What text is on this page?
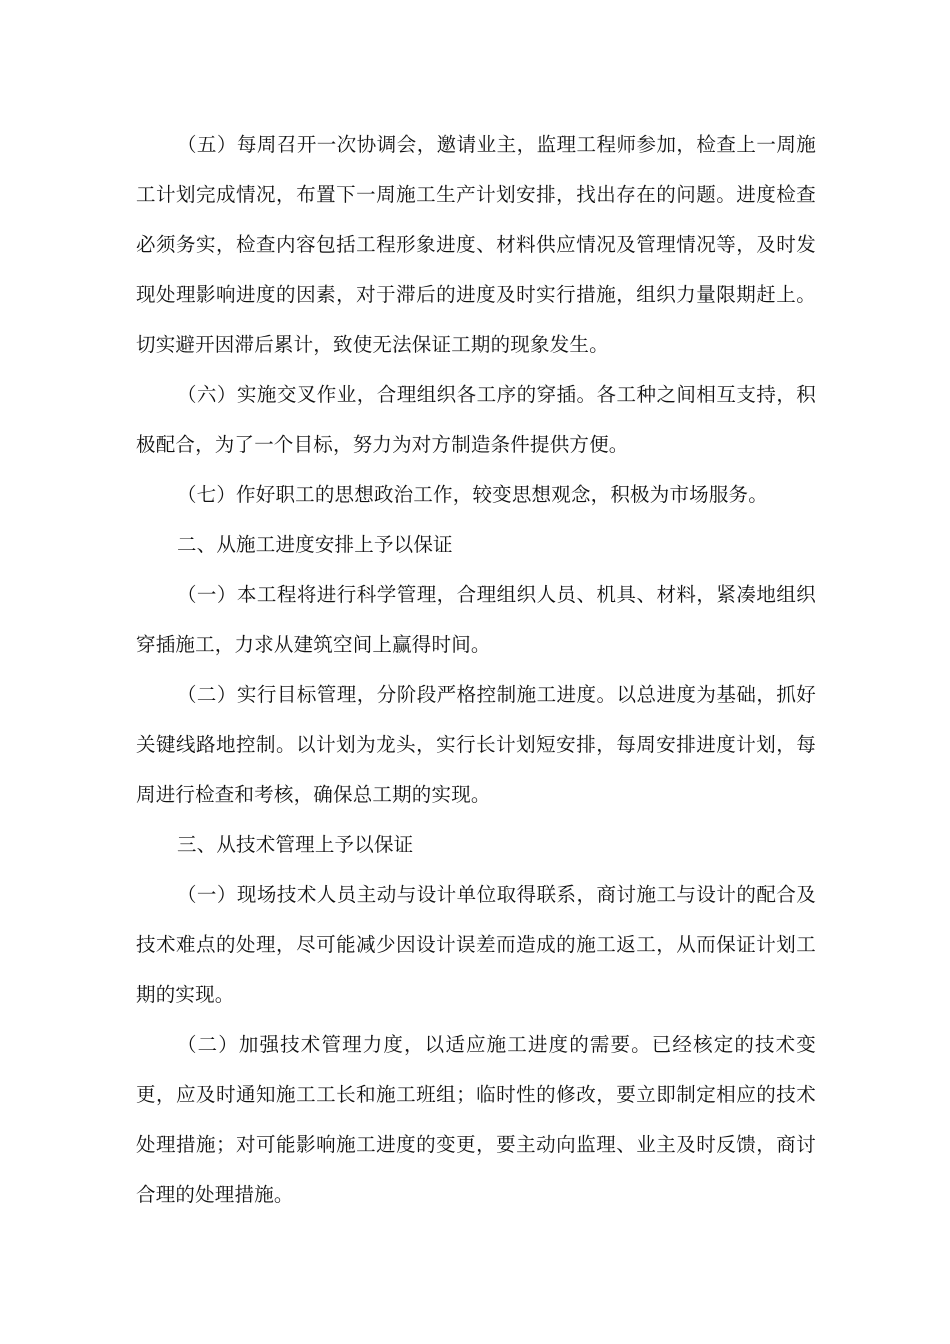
（五）每周召开一次协调会，邀请业主，监理工程师参加，检查上一周施工计划完成情况，布置下一周施工生产计划安排，找出存在的问题。进度检查必须务实，检查内容包括工程形象进度、材料供应情况及管理情况等，及时发现处理影响进度的因素，对于滞后的进度及时实行措施，组织力量限期赶上。切实避开因滞后累计，致使无法保证工期的现象发生。

（六）实施交叉作业，合理组织各工序的穿插。各工种之间相互支持，积极配合，为了一个目标，努力为对方制造条件提供方便。

（七）作好职工的思想政治工作，较变思想观念，积极为市场服务。

二、从施工进度安排上予以保证

（一）本工程将进行科学管理，合理组织人员、机具、材料，紧凑地组织穿插施工，力求从建筑空间上赢得时间。

（二）实行目标管理，分阶段严格控制施工进度。以总进度为基础，抓好关键线路地控制。以计划为龙头，实行长计划短安排，每周安排进度计划，每周进行检查和考核，确保总工期的实现。

三、从技术管理上予以保证

（一）现场技术人员主动与设计单位取得联系，商讨施工与设计的配合及技术难点的处理，尽可能减少因设计误差而造成的施工返工，从而保证计划工期的实现。

（二）加强技术管理力度，以适应施工进度的需要。已经核定的技术变更，应及时通知施工工长和施工班组；临时性的修改，要立即制定相应的技术处理措施；对可能影响施工进度的变更，要主动向监理、业主及时反馈，商讨合理的处理措施。
